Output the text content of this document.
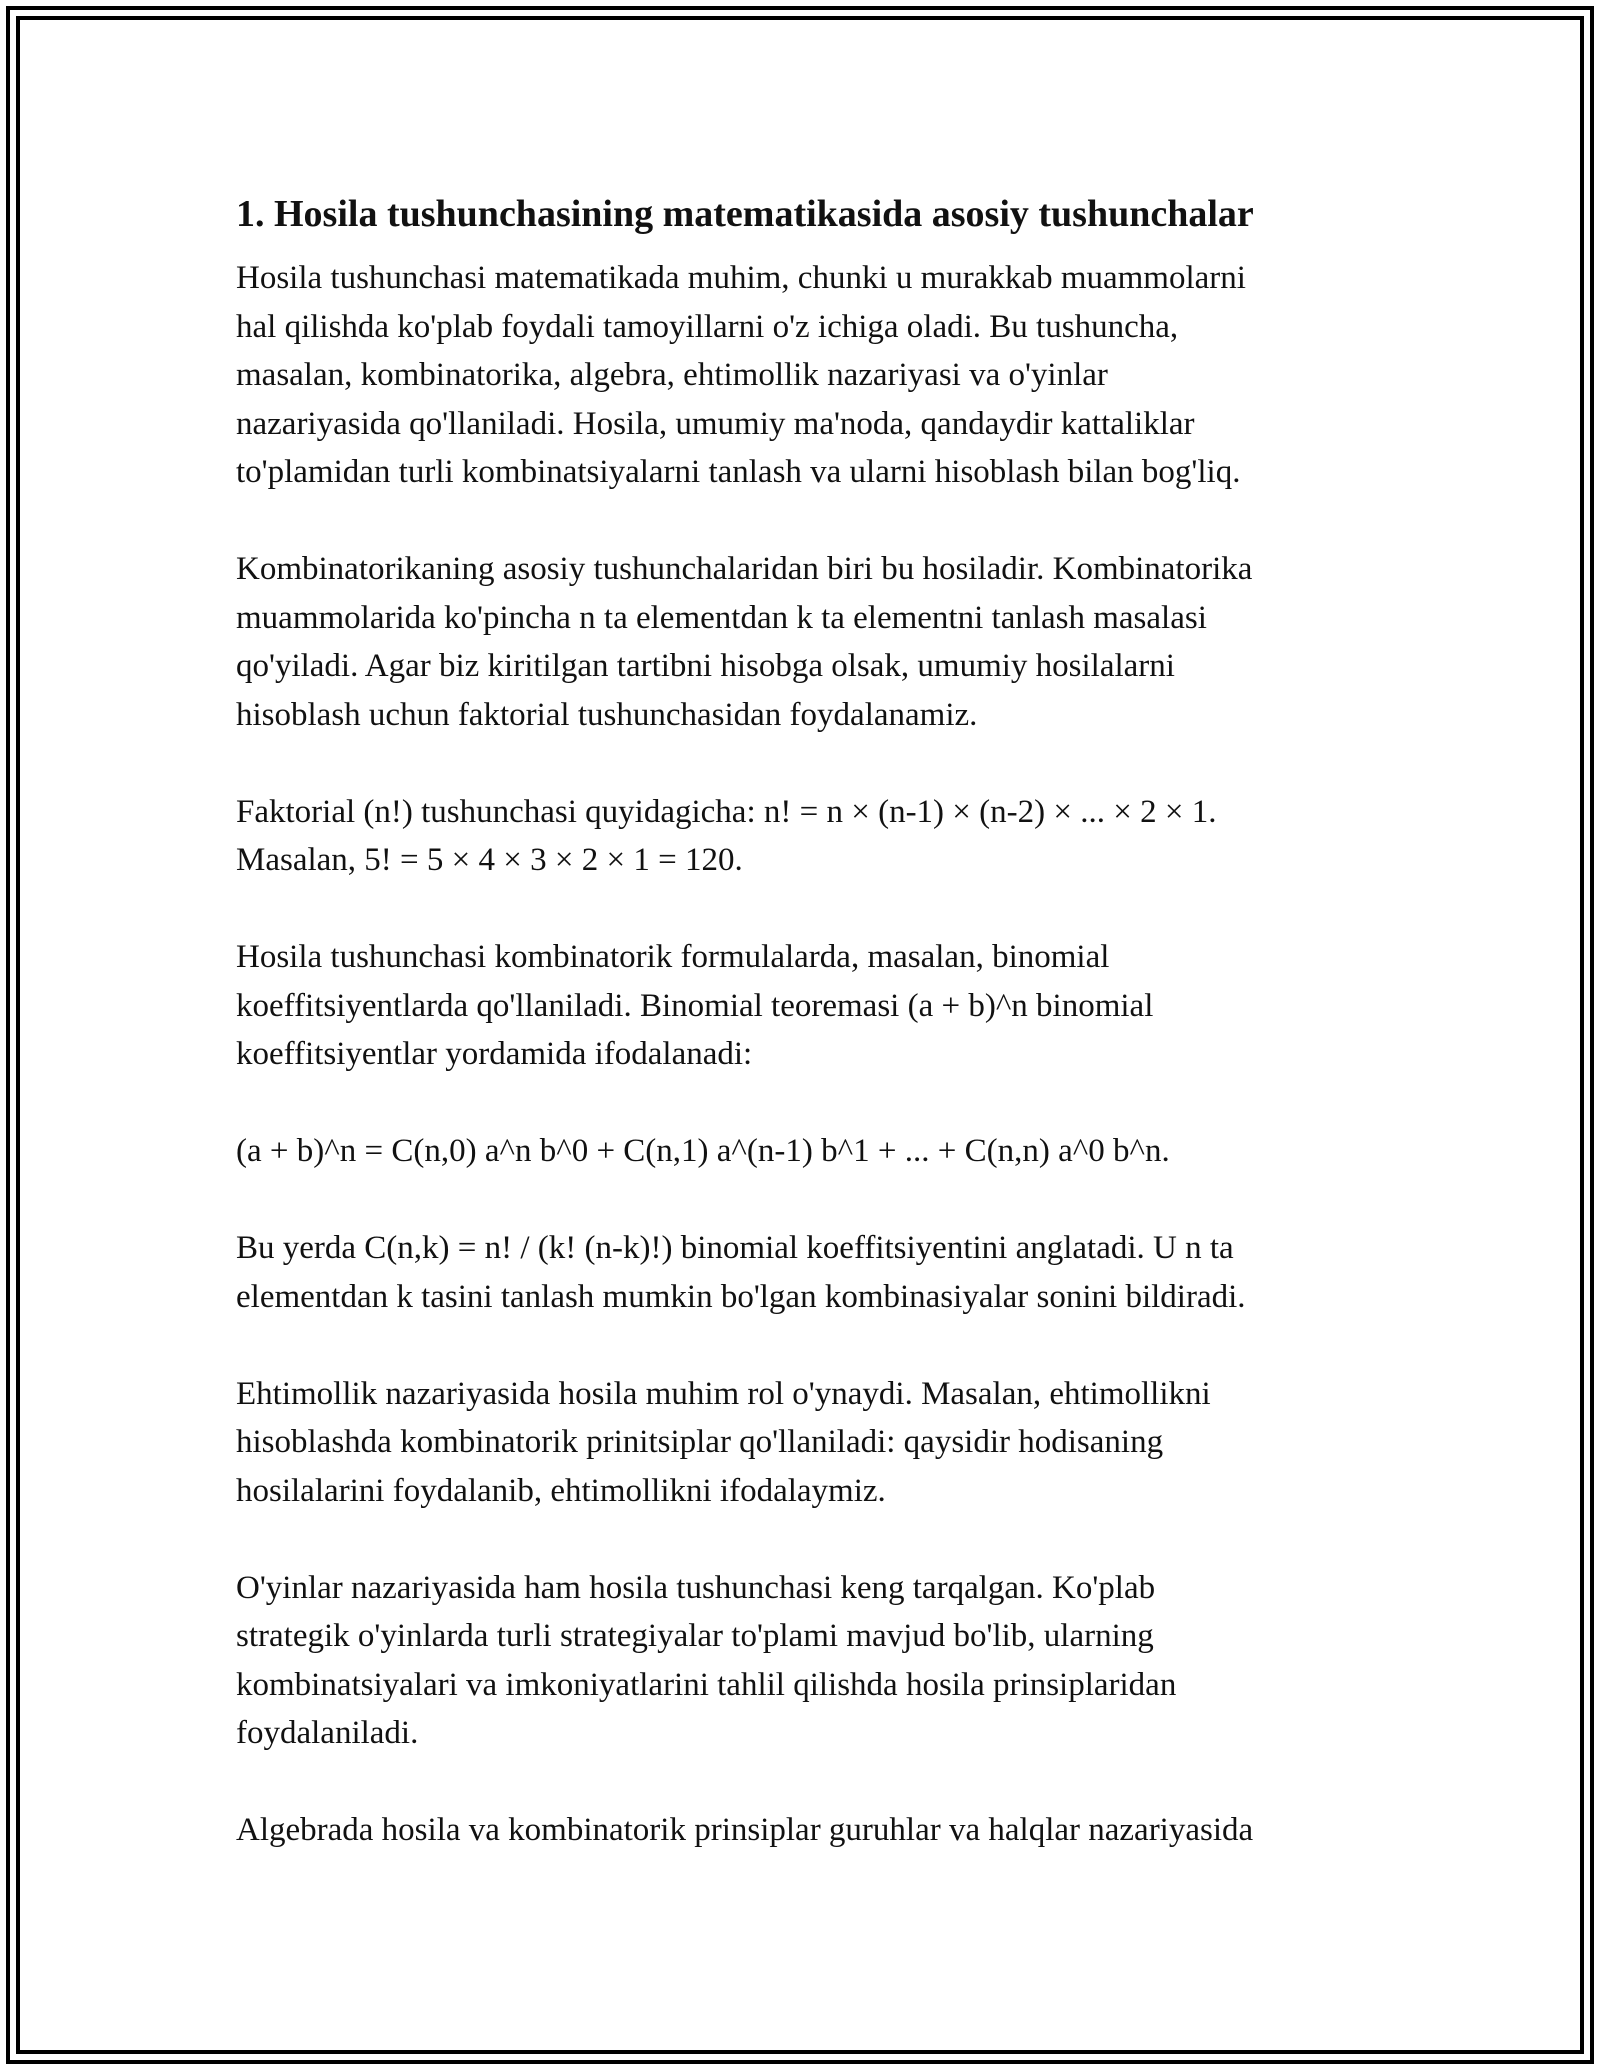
1. Hosila tushunchasining matematikasida asosiy tushunchalar

Hosila tushunchasi matematikada muhim, chunki u murakkab muammolarni
hal qilishda ko'plab foydali tamoyillarni o'z ichiga oladi. Bu tushuncha,
masalan, kombinatorika, algebra, ehtimollik nazariyasi va o'yinlar
nazariyasida qo'llaniladi. Hosila, umumiy ma'noda, qandaydir kattaliklar
to'plamidan turli kombinatsiyalarni tanlash va ularni hisoblash bilan bog'liq.

Kombinatorikaning asosiy tushunchalaridan biri bu hosiladir. Kombinatorika
muammolarida ko'pincha n ta elementdan k ta elementni tanlash masalasi
qo'yiladi. Agar biz kiritilgan tartibni hisobga olsak, umumiy hosilalarni
hisoblash uchun faktorial tushunchasidan foydalanamiz.

Faktorial (n!) tushunchasi quyidagicha: n! = n × (n-1) × (n-2) × ... × 2 × 1.
Masalan, 5! = 5 × 4 × 3 × 2 × 1 = 120.

Hosila tushunchasi kombinatorik formulalarda, masalan, binomial
koeffitsiyentlarda qo'llaniladi. Binomial teoremasi (a + b)^n binomial
koeffitsiyentlar yordamida ifodalanadi:

(a + b)^n = C(n,0) a^n b^0 + C(n,1) a^(n-1) b^1 + ... + C(n,n) a^0 b^n.

Bu yerda C(n,k) = n! / (k! (n-k)!) binomial koeffitsiyentini anglatadi. U n ta
elementdan k tasini tanlash mumkin bo'lgan kombinasiyalar sonini bildiradi.

Ehtimollik nazariyasida hosila muhim rol o'ynaydi. Masalan, ehtimollikni
hisoblashda kombinatorik prinitsiplar qo'llaniladi: qaysidir hodisaning
hosilalarini foydalanib, ehtimollikni ifodalaymiz.

O'yinlar nazariyasida ham hosila tushunchasi keng tarqalgan. Ko'plab
strategik o'yinlarda turli strategiyalar to'plami mavjud bo'lib, ularning
kombinatsiyalari va imkoniyatlarini tahlil qilishda hosila prinsiplaridan
foydalaniladi.

Algebrada hosila va kombinatorik prinsiplar guruhlar va halqlar nazariyasida
